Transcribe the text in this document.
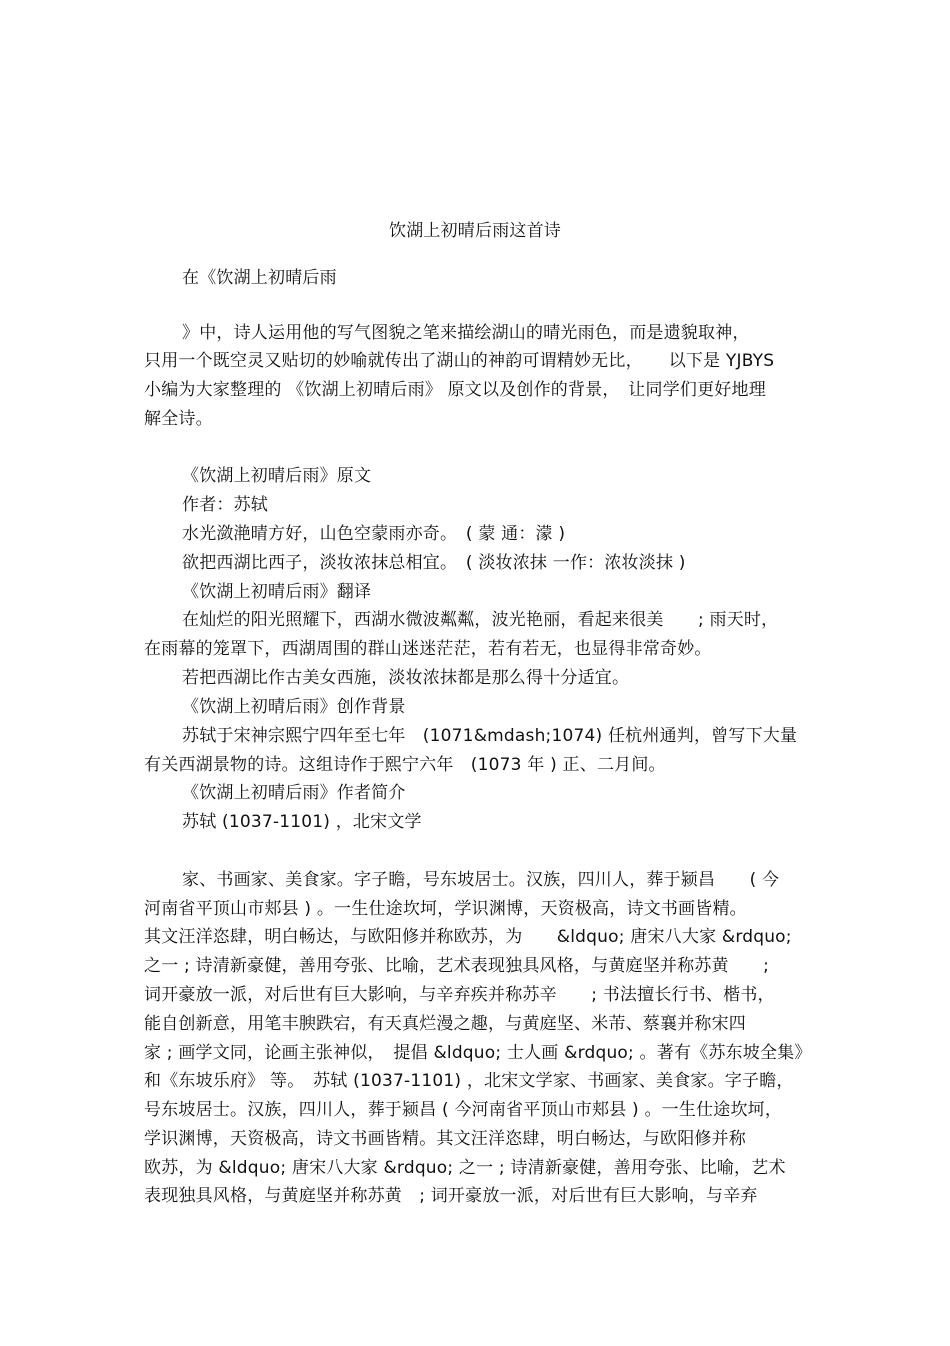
饮湖上初晴后雨这首诗
在《饮湖上初晴后雨
》中，诗人运用他的写气图貌之笔来描绘湖山的晴光雨色，而是遗貌取神，
只用一个既空灵又贴切的妙喻就传出了湖山的神韵可谓精妙无比，　　以下是 YJBYS
小编为大家整理的 《饮湖上初晴后雨》 原文以及创作的背景，　让同学们更好地理
解全诗。
《饮湖上初晴后雨》原文
作者：苏轼
水光潋滟晴方好，山色空蒙雨亦奇。　( 蒙 通：濛 )
欲把西湖比西子，淡妆浓抹总相宜。　( 淡妆浓抹 一作：浓妆淡抹 )
《饮湖上初晴后雨》翻译
在灿烂的阳光照耀下，西湖水微波粼粼，波光艳丽，看起来很美　　; 雨天时，
在雨幕的笼罩下，西湖周围的群山迷迷茫茫，若有若无，也显得非常奇妙。
若把西湖比作古美女西施，淡妆浓抹都是那么得十分适宜。
《饮湖上初晴后雨》创作背景
苏轼于宋神宗熙宁四年至七年　(1071&mdash;1074) 任杭州通判，曾写下大量
有关西湖景物的诗。这组诗作于熙宁六年　(1073 年 ) 正、二月间。
《饮湖上初晴后雨》作者简介
苏轼 (1037-1101) ，北宋文学
家、书画家、美食家。字子瞻，号东坡居士。汉族，四川人，葬于颍昌　　( 今
河南省平顶山市郏县 ) 。一生仕途坎坷，学识渊博，天资极高，诗文书画皆精。
其文汪洋恣肆，明白畅达，与欧阳修并称欧苏，为　　&ldquo; 唐宋八大家 &rdquo;
之一 ; 诗清新豪健，善用夸张、比喻，艺术表现独具风格，与黄庭坚并称苏黄　　;
词开豪放一派，对后世有巨大影响，与辛弃疾并称苏辛　　; 书法擅长行书、楷书，
能自创新意，用笔丰腴跌宕，有天真烂漫之趣，与黄庭坚、米芾、蔡襄并称宋四
家 ; 画学文同，论画主张神似，　提倡 &ldquo; 士人画 &rdquo; 。著有《苏东坡全集》
和《东坡乐府》 等。　苏轼 (1037-1101) ，北宋文学家、书画家、美食家。字子瞻，
号东坡居士。汉族，四川人，葬于颍昌 ( 今河南省平顶山市郏县 ) 。一生仕途坎坷，
学识渊博，天资极高，诗文书画皆精。其文汪洋恣肆，明白畅达，与欧阳修并称
欧苏，为 &ldquo; 唐宋八大家 &rdquo; 之一 ; 诗清新豪健，善用夸张、比喻，艺术
表现独具风格，与黄庭坚并称苏黄　; 词开豪放一派，对后世有巨大影响，与辛弃
